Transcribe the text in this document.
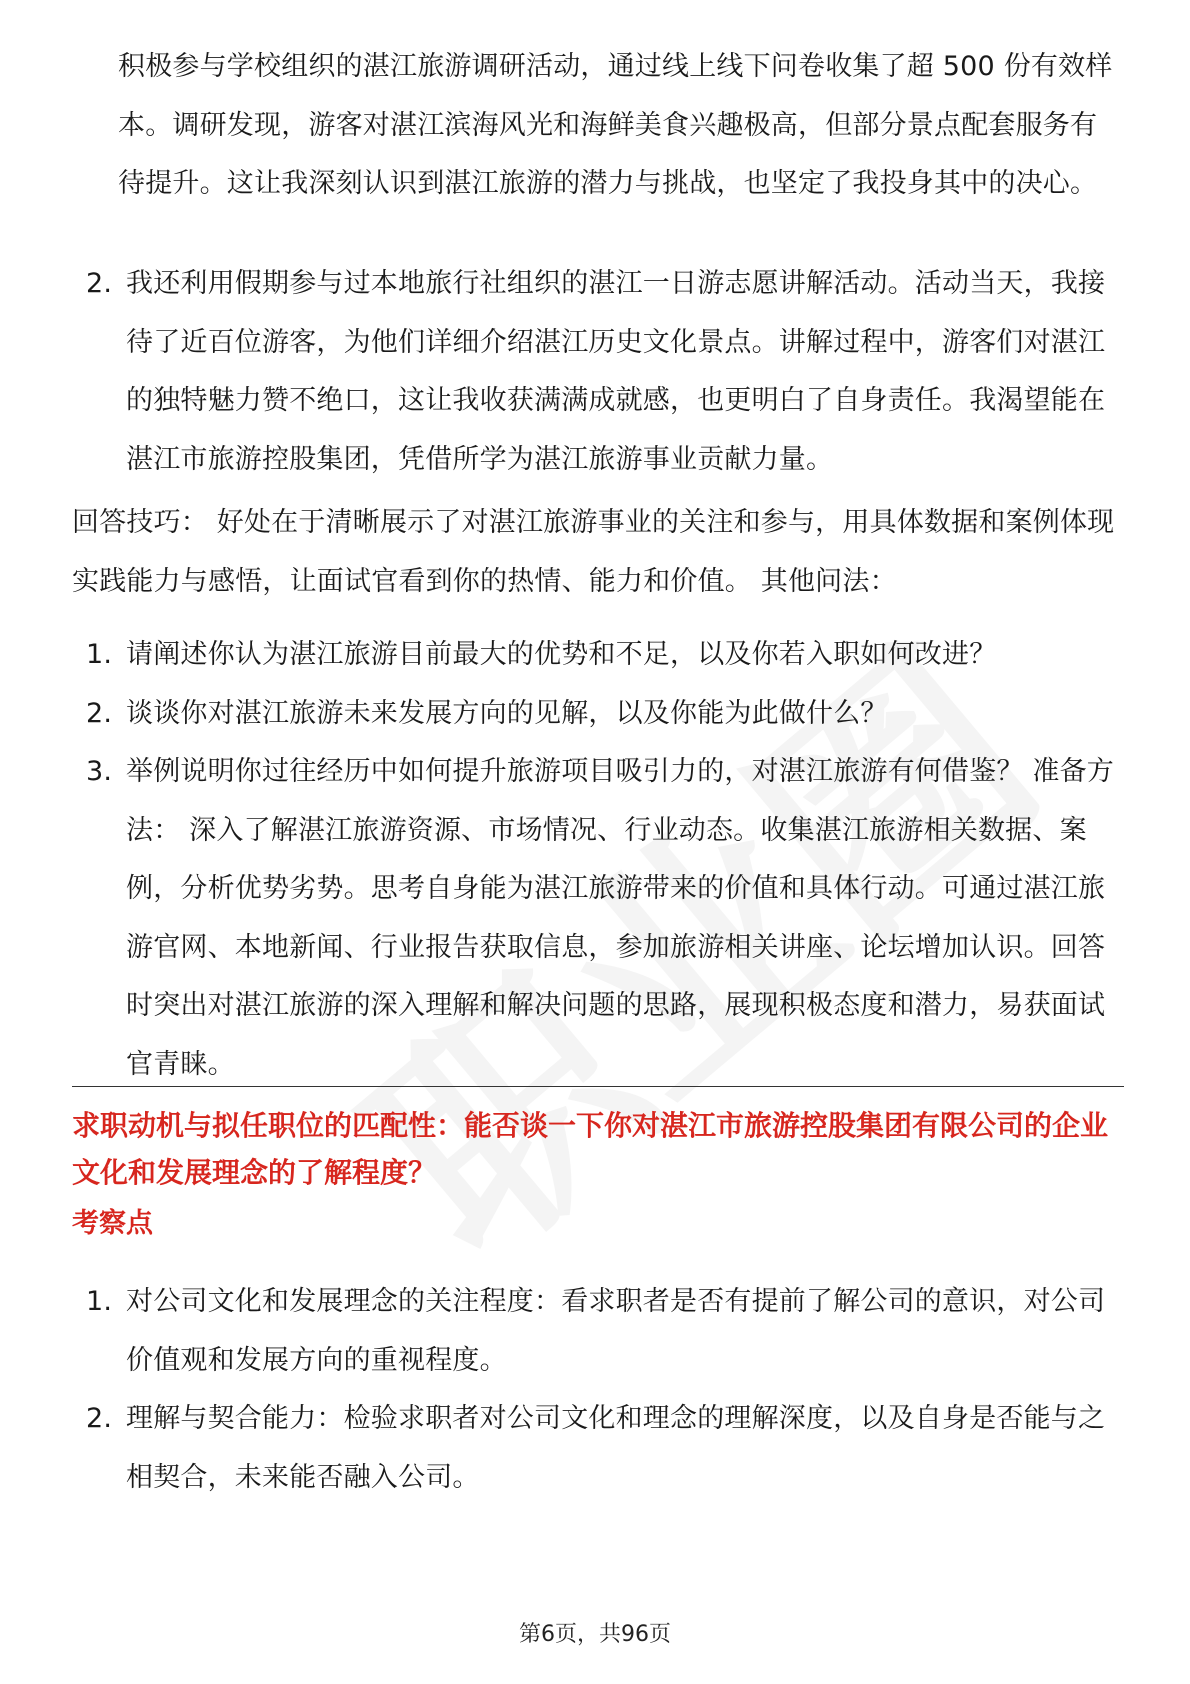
积极参与学校组织的湛江旅游调研活动，通过线上线下问卷收集了超 500 份有效样本。调研发现，游客对湛江滨海风光和海鲜美食兴趣极高，但部分景点配套服务有待提升。这让我深刻认识到湛江旅游的潜力与挑战，也坚定了我投身其中的决心。
2. 我还利用假期参与过本地旅行社组织的湛江一日游志愿讲解活动。活动当天，我接待了近百位游客，为他们详细介绍湛江历史文化景点。讲解过程中，游客们对湛江的独特魅力赞不绝口，这让我收获满满成就感，也更明白了自身责任。我渴望能在湛江市旅游控股集团，凭借所学为湛江旅游事业贡献力量。
回答技巧： 好处在于清晰展示了对湛江旅游事业的关注和参与，用具体数据和案例体现实践能力与感悟，让面试官看到你的热情、能力和价值。 其他问法：
1. 请阐述你认为湛江旅游目前最大的优势和不足，以及你若入职如何改进？
2. 谈谈你对湛江旅游未来发展方向的见解，以及你能为此做什么？
3. 举例说明你过往经历中如何提升旅游项目吸引力的，对湛江旅游有何借鉴？ 准备方法： 深入了解湛江旅游资源、市场情况、行业动态。收集湛江旅游相关数据、案例，分析优势劣势。思考自身能为湛江旅游带来的价值和具体行动。可通过湛江旅游官网、本地新闻、行业报告获取信息，参加旅游相关讲座、论坛增加认识。回答时突出对湛江旅游的深入理解和解决问题的思路，展现积极态度和潜力，易获面试官青睐。
求职动机与拟任职位的匹配性：能否谈一下你对湛江市旅游控股集团有限公司的企业文化和发展理念的了解程度？
考察点
1. 对公司文化和发展理念的关注程度：看求职者是否有提前了解公司的意识，对公司价值观和发展方向的重视程度。
2. 理解与契合能力：检验求职者对公司文化和理念的理解深度，以及自身是否能与之相契合，未来能否融入公司。
第6页，共96页
